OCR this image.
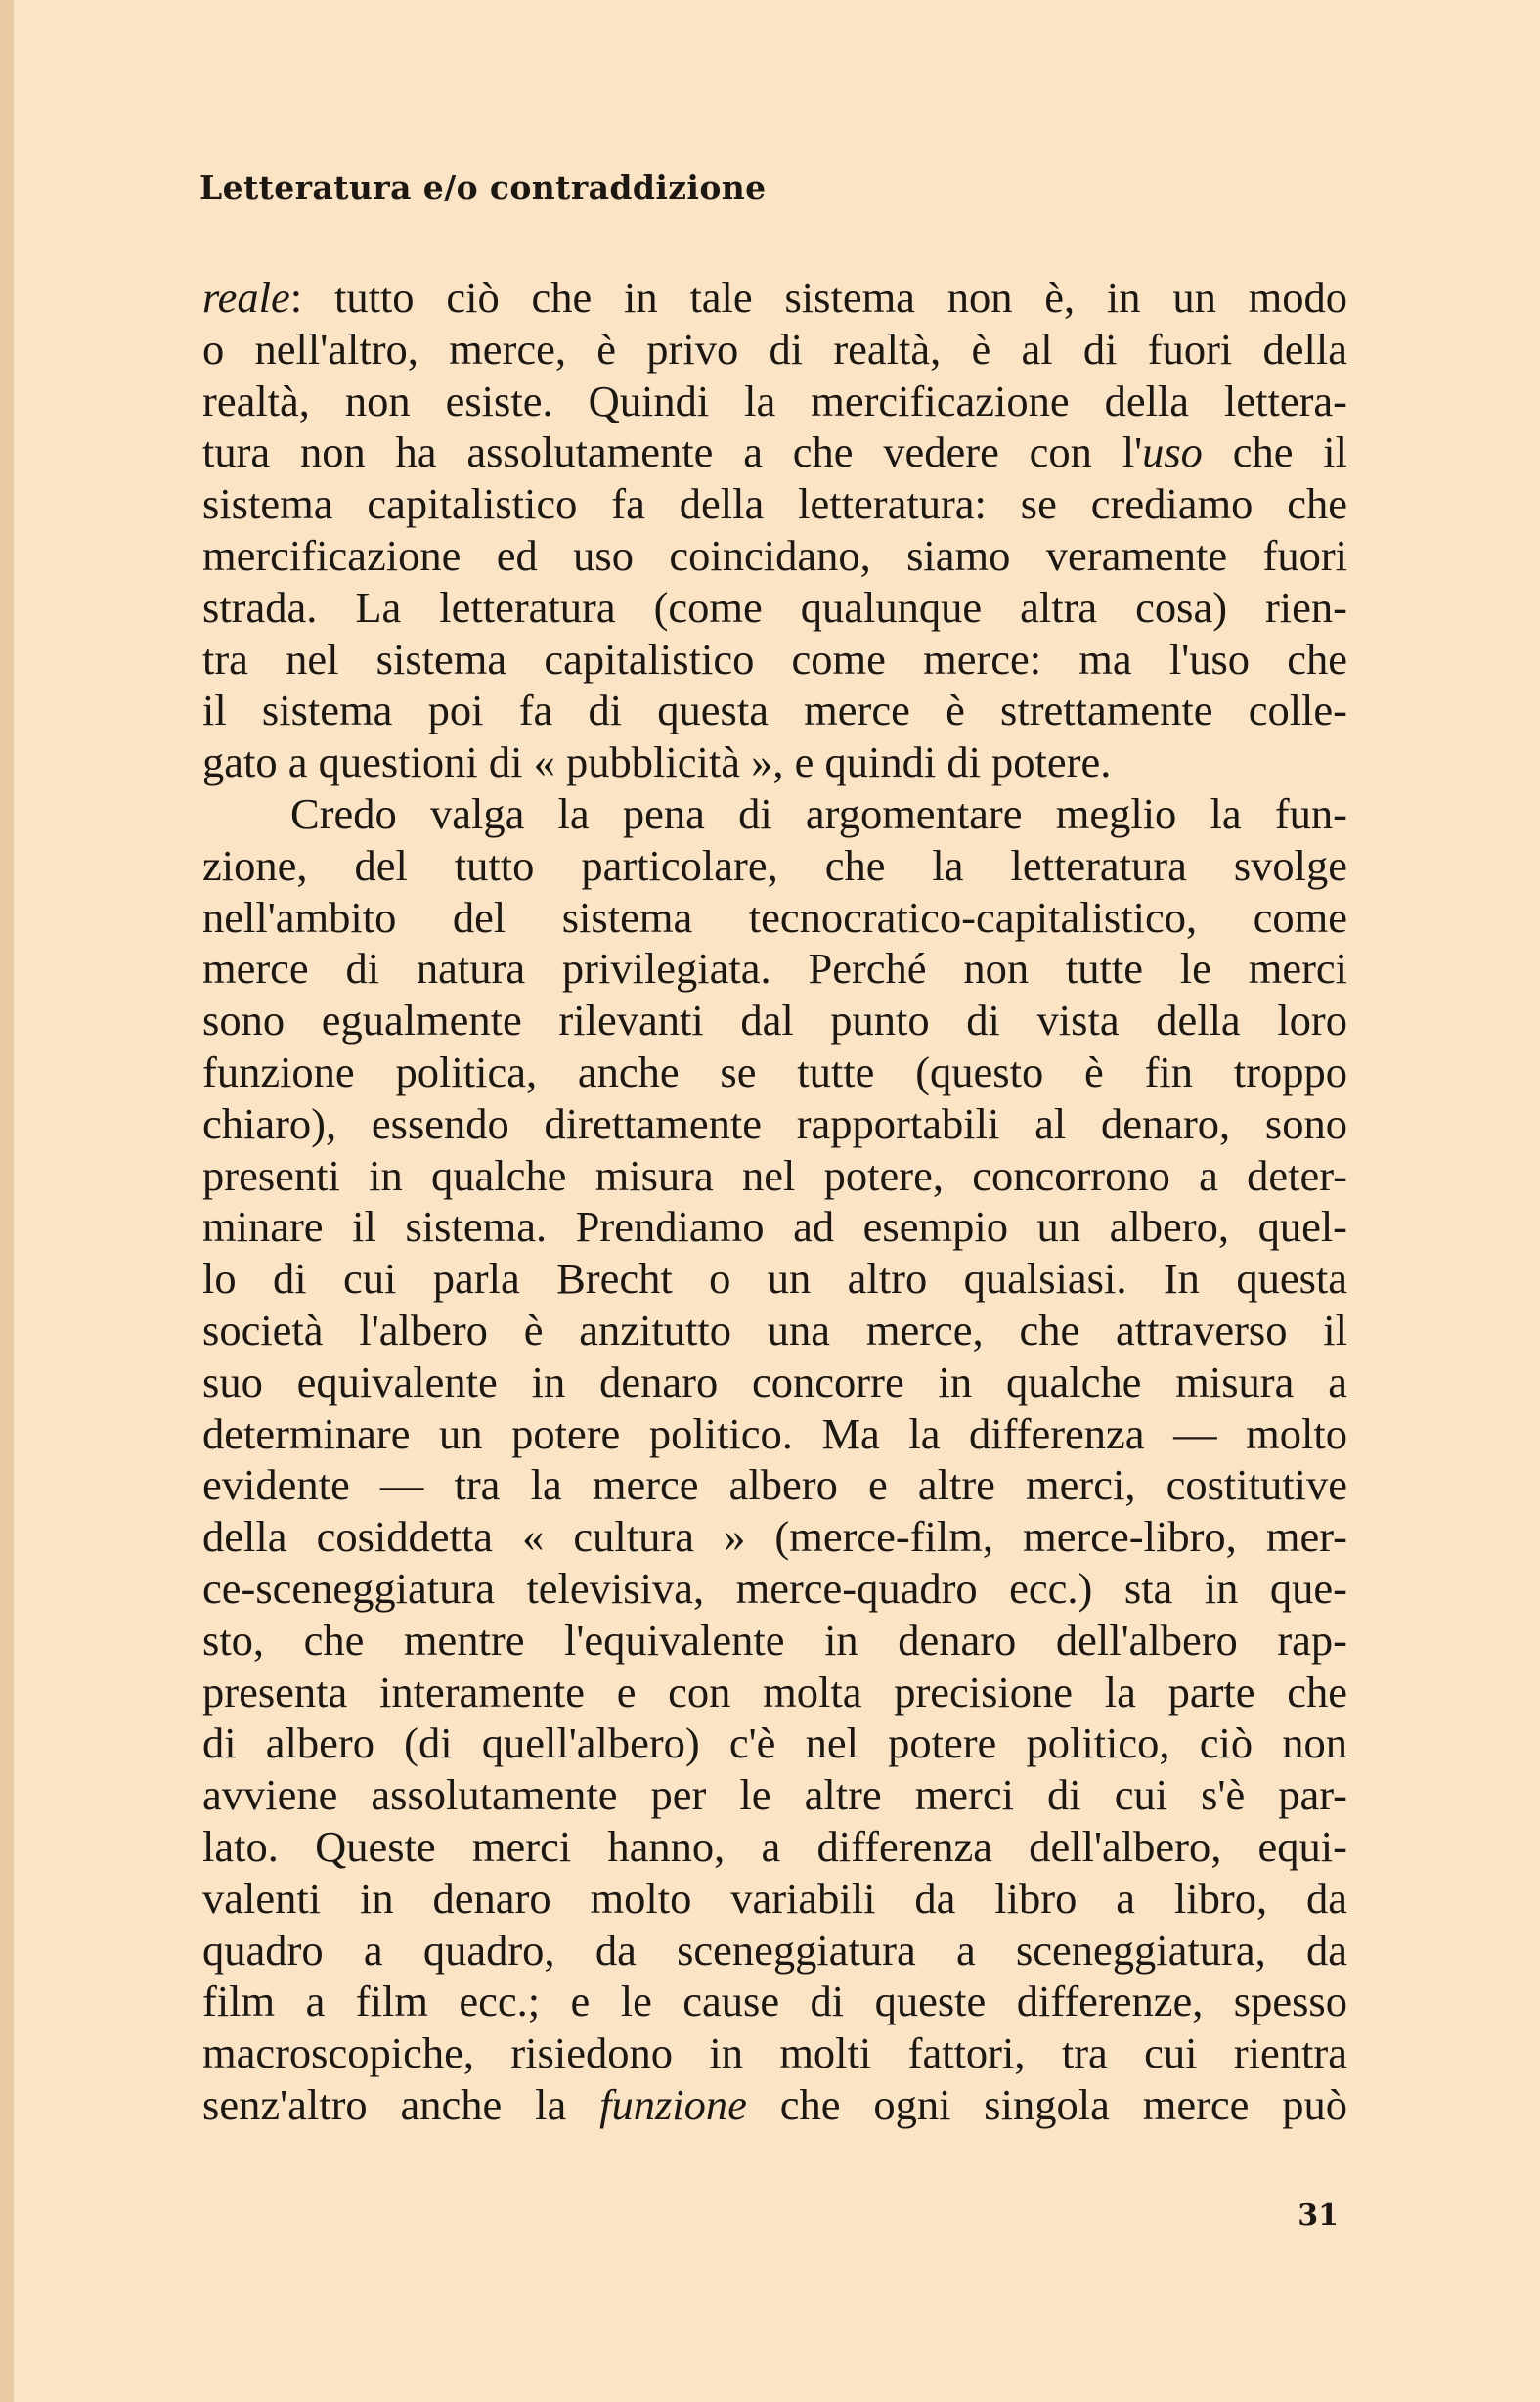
Letteratura e/o contraddizione
reale: tutto ciò che in tale sistema non è, in un modo
o nell'altro, merce, è privo di realtà, è al di fuori della
realtà, non esiste. Quindi la mercificazione della lettera-
tura non ha assolutamente a che vedere con l'uso che il
sistema capitalistico fa della letteratura: se crediamo che
mercificazione ed uso coincidano, siamo veramente fuori
strada. La letteratura (come qualunque altra cosa) rien-
tra nel sistema capitalistico come merce: ma l'uso che
il sistema poi fa di questa merce è strettamente colle-
gato a questioni di « pubblicità », e quindi di potere.
Credo valga la pena di argomentare meglio la fun-
zione, del tutto particolare, che la letteratura svolge
nell'ambito del sistema tecnocratico-capitalistico, come
merce di natura privilegiata. Perché non tutte le merci
sono egualmente rilevanti dal punto di vista della loro
funzione politica, anche se tutte (questo è fin troppo
chiaro), essendo direttamente rapportabili al denaro, sono
presenti in qualche misura nel potere, concorrono a deter-
minare il sistema. Prendiamo ad esempio un albero, quel-
lo di cui parla Brecht o un altro qualsiasi. In questa
società l'albero è anzitutto una merce, che attraverso il
suo equivalente in denaro concorre in qualche misura a
determinare un potere politico. Ma la differenza — molto
evidente — tra la merce albero e altre merci, costitutive
della cosiddetta « cultura » (merce-film, merce-libro, mer-
ce-sceneggiatura televisiva, merce-quadro ecc.) sta in que-
sto, che mentre l'equivalente in denaro dell'albero rap-
presenta interamente e con molta precisione la parte che
di albero (di quell'albero) c'è nel potere politico, ciò non
avviene assolutamente per le altre merci di cui s'è par-
lato. Queste merci hanno, a differenza dell'albero, equi-
valenti in denaro molto variabili da libro a libro, da
quadro a quadro, da sceneggiatura a sceneggiatura, da
film a film ecc.; e le cause di queste differenze, spesso
macroscopiche, risiedono in molti fattori, tra cui rientra
senz'altro anche la funzione che ogni singola merce può

31
